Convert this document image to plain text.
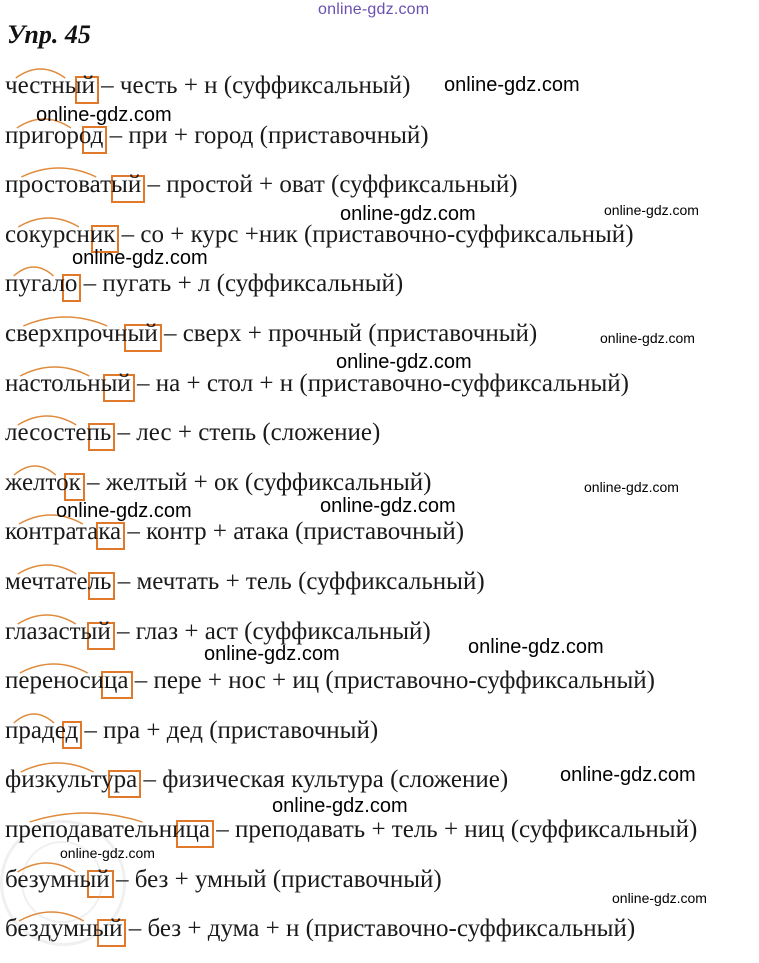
online-gdz.com
Упр. 45
честный – честь + н (суффиксальный)
пригород – при + город (приставочный)
простоватый – простой + оват (суффиксальный)
сокурсник – со + курс +ник (приставочно-суффиксальный)
пугало – пугать + л (суффиксальный)
сверхпрочный – сверх + прочный (приставочный)
настольный – на + стол + н (приставочно-суффиксальный)
лесостепь – лес + степь (сложение)
желток – желтый + ок (суффиксальный)
контратака – контр + атака (приставочный)
мечтатель – мечтать + тель (суффиксальный)
глазастый – глаз + аст (суффиксальный)
переносица – пере + нос + иц (приставочно-суффиксальный)
прадед – пра + дед (приставочный)
физкультура – физическая культура (сложение)
преподавательница – преподавать + тель + ниц (суффиксальный)
безумный – без + умный (приставочный)
бездумный – без + дума + н (приставочно-суффиксальный)
online-gdz.com
online-gdz.com
online-gdz.com	online-gdz.com
online-gdz.com
online-gdz.com
online-gdz.com
online-gdz.com
online-gdz.com	online-gdz.com
online-gdz.com
online-gdz.com
online-gdz.com
online-gdz.com
online-gdz.com
online-gdz.com
